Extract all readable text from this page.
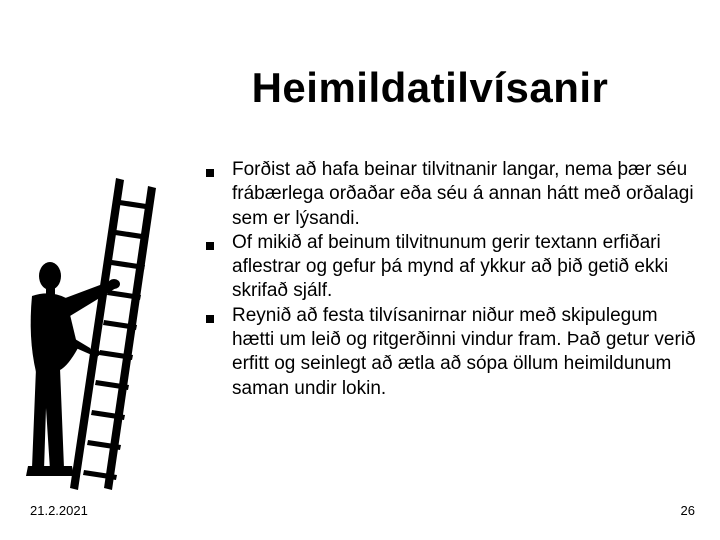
Heimildatilvísanir
Forðist að hafa beinar tilvitnanir langar, nema þær séu frábærlega orðaðar eða séu á annan hátt með orðalagi sem er lýsandi.
Of mikið af beinum tilvitnunum gerir textann erfiðari aflestrar og gefur þá mynd af ykkur að þið getið ekki skrifað sjálf.
Reynið að festa tilvísanirnar niður með skipulegum hætti um leið og ritgerðinni vindur fram. Það getur verið erfitt og seinlegt að ætla að sópa öllum heimildunum saman undir lokin.
21.2.2021	26
